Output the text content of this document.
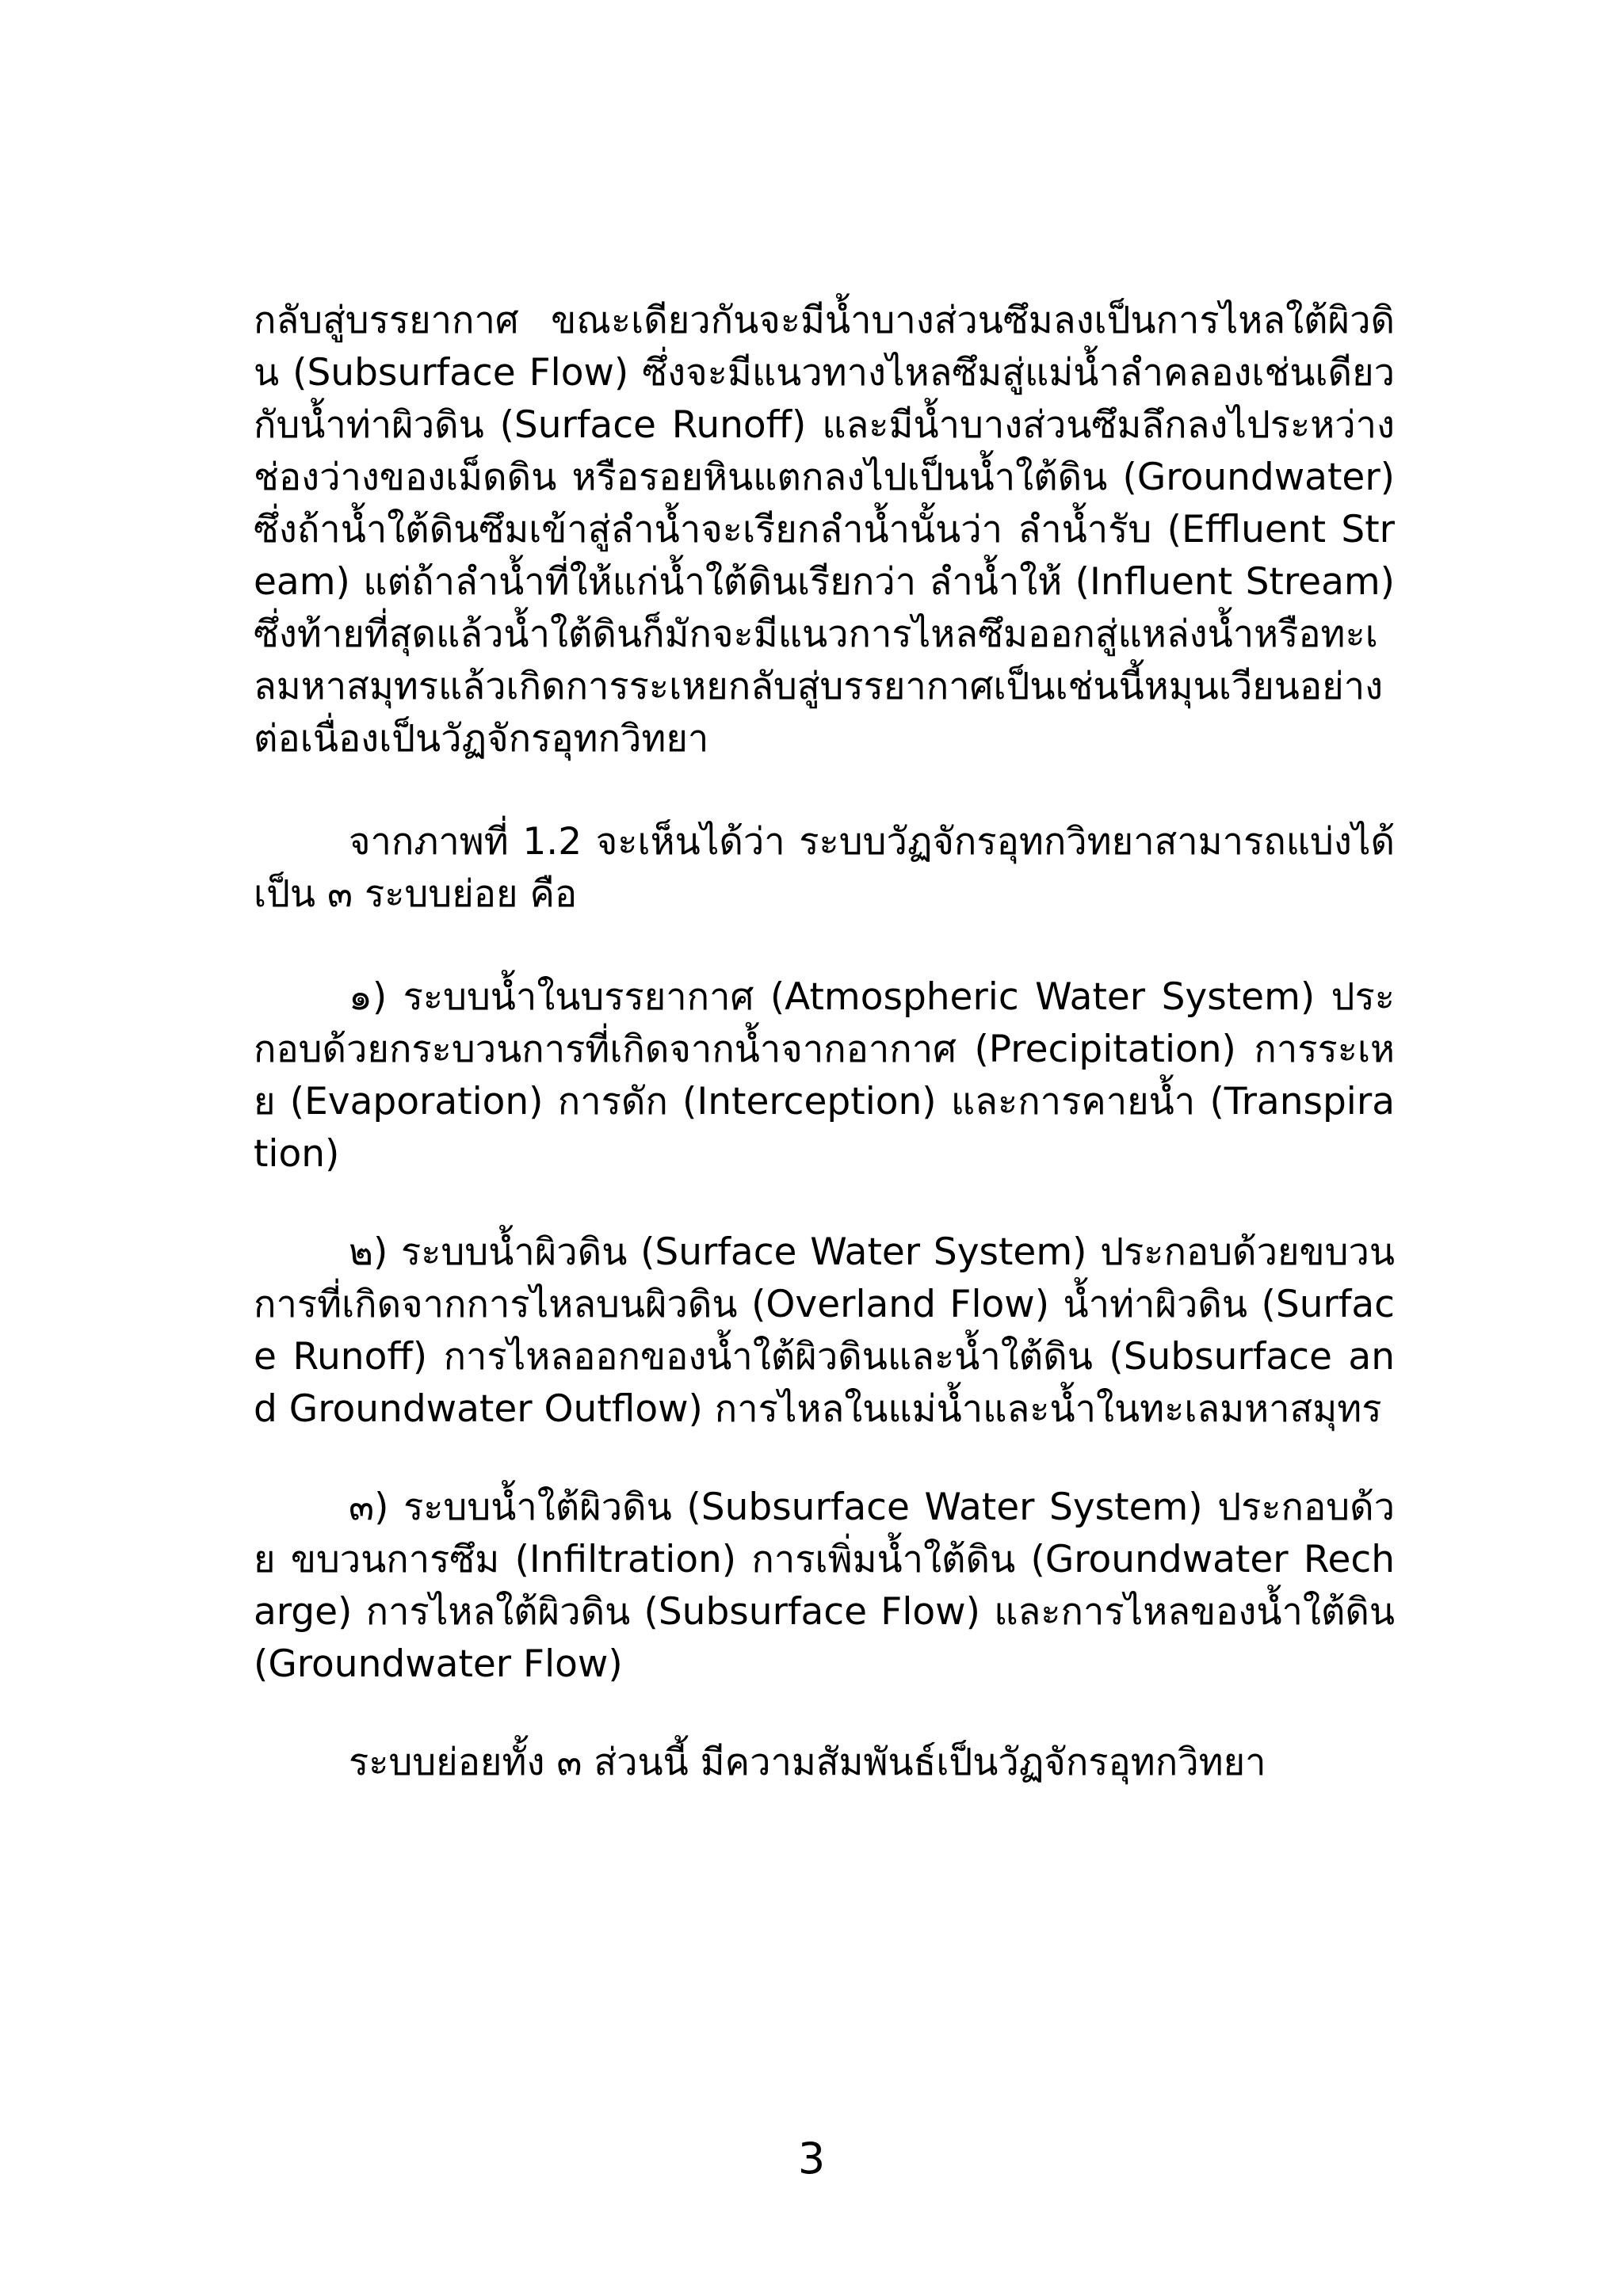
กลับสู่บรรยากาศ ขณะเดียวกันจะมีน้ำบางส่วนซึมลงเป็นการไหลใต้ผิวดิน (Subsurface Flow) ซึ่งจะมีแนวทางไหลซึมสู่แม่น้ำลำคลองเช่นเดียวกับน้ำท่าผิวดิน (Surface Runoff) และมีน้ำบางส่วนซึมลึกลงไประหว่างช่องว่างของเม็ดดิน หรือรอยหินแตกลงไปเป็นน้ำใต้ดิน (Groundwater) ซึ่งถ้าน้ำใต้ดินซึมเข้าสู่ลำน้ำจะเรียกลำน้ำนั้นว่า ลำน้ำรับ (Effluent Stream) แต่ถ้าลำน้ำที่ให้แก่น้ำใต้ดินเรียกว่า ลำน้ำให้ (Influent Stream) ซึ่งท้ายที่สุดแล้วน้ำใต้ดินก็มักจะมีแนวการไหลซึมออกสู่แหล่งน้ำหรือทะเลมหาสมุทรแล้วเกิดการระเหยกลับสู่บรรยากาศเป็นเช่นนี้หมุนเวียนอย่างต่อเนื่องเป็นวัฏจักรอุทกวิทยา

จากภาพที่ 1.2 จะเห็นได้ว่า ระบบวัฏจักรอุทกวิทยาสามารถแบ่งได้เป็น ๓ ระบบย่อย คือ

๑) ระบบน้ำในบรรยากาศ (Atmospheric Water System) ประกอบด้วยกระบวนการที่เกิดจากน้ำจากอากาศ (Precipitation) การระเหย (Evaporation) การดัก (Interception) และการคายน้ำ (Transpiration)

๒) ระบบน้ำผิวดิน (Surface Water System) ประกอบด้วยขบวนการที่เกิดจากการไหลบนผิวดิน (Overland Flow) น้ำท่าผิวดิน (Surface Runoff) การไหลออกของน้ำใต้ผิวดินและน้ำใต้ดิน (Subsurface and Groundwater Outflow) การไหลในแม่น้ำและน้ำในทะเลมหาสมุทร

๓) ระบบน้ำใต้ผิวดิน (Subsurface Water System) ประกอบด้วย ขบวนการซึม (Infiltration) การเพิ่มน้ำใต้ดิน (Groundwater Recharge) การไหลใต้ผิวดิน (Subsurface Flow) และการไหลของน้ำใต้ดิน (Groundwater Flow)

ระบบย่อยทั้ง ๓ ส่วนนี้ มีความสัมพันธ์เป็นวัฏจักรอุทกวิทยา

3
